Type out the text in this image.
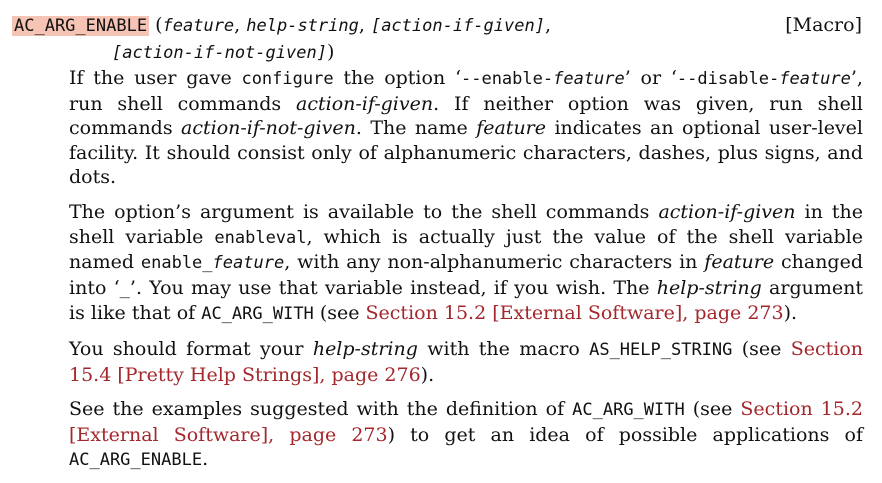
AC_ARG_ENABLE (feature, help-string, [action-if-given],	[Macro]
[action-if-not-given])

If the user gave configure the option ‘--enable-feature’ or ‘--disable-feature’, run shell commands action-if-given. If neither option was given, run shell commands action-if-not-given. The name feature indicates an optional user-level facility. It should consist only of alphanumeric characters, dashes, plus signs, and dots.

The option’s argument is available to the shell commands action-if-given in the shell variable enableval, which is actually just the value of the shell variable named enable_feature, with any non-alphanumeric characters in feature changed into ‘_’. You may use that variable instead, if you wish. The help-string argument is like that of AC_ARG_WITH (see Section 15.2 [External Software], page 273).

You should format your help-string with the macro AS_HELP_STRING (see Section 15.4 [Pretty Help Strings], page 276).

See the examples suggested with the definition of AC_ARG_WITH (see Section 15.2 [External Software], page 273) to get an idea of possible applications of AC_ARG_ENABLE.
